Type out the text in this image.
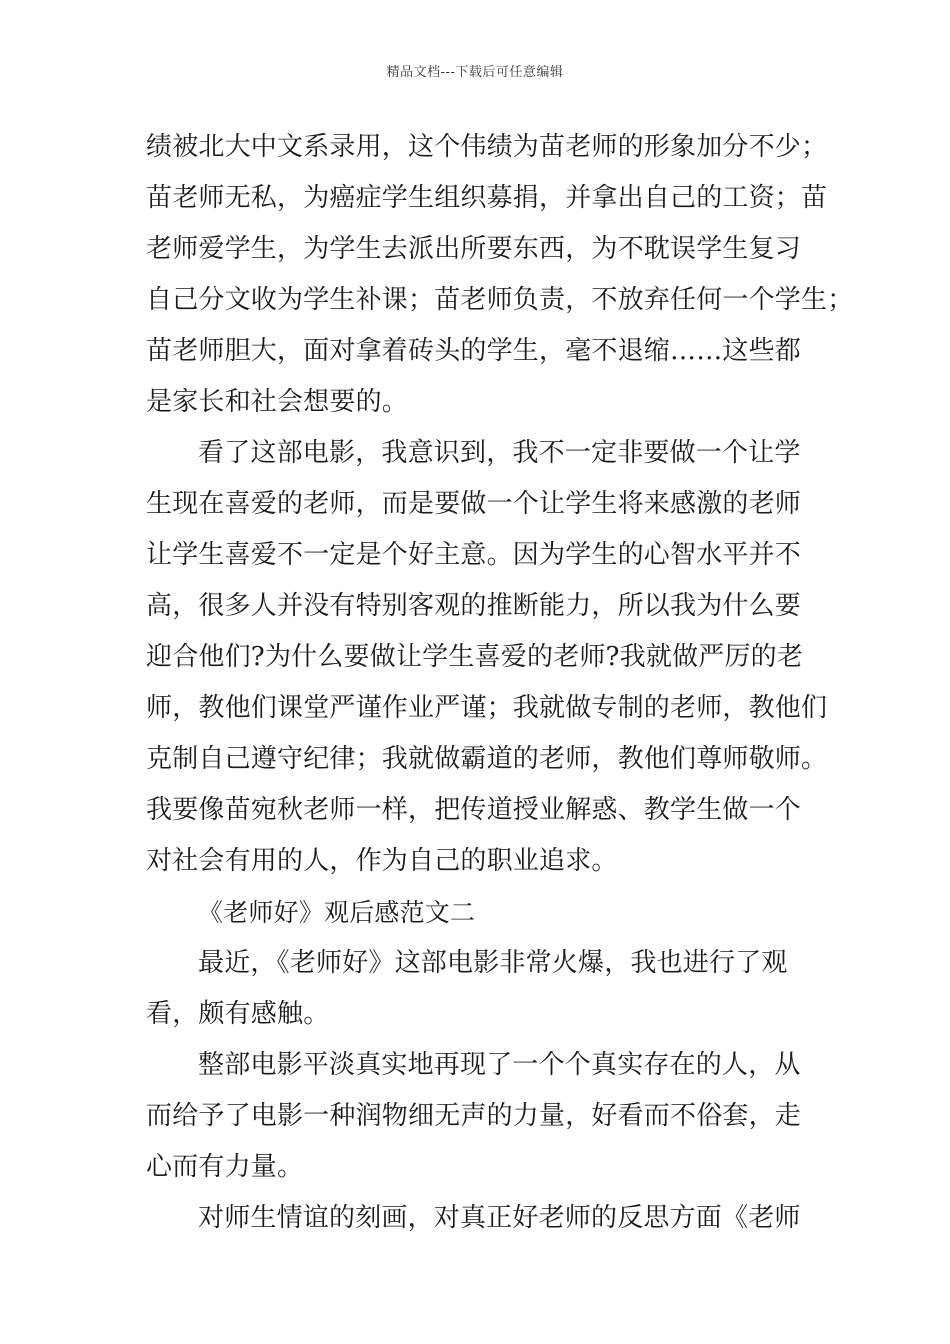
精品文档---下载后可任意编辑
绩被北大中文系录用，这个伟绩为苗老师的形象加分不少；
苗老师无私，为癌症学生组织募捐，并拿出自己的工资；苗
老师爱学生，为学生去派出所要东西，为不耽误学生复习
自己分文收为学生补课；苗老师负责，不放弃任何一个学生；
苗老师胆大，面对拿着砖头的学生，毫不退缩……这些都
是家长和社会想要的。
看了这部电影，我意识到，我不一定非要做一个让学
生现在喜爱的老师，而是要做一个让学生将来感激的老师
让学生喜爱不一定是个好主意。因为学生的心智水平并不
高，很多人并没有特别客观的推断能力，所以我为什么要
迎合他们?为什么要做让学生喜爱的老师?我就做严厉的老
师，教他们课堂严谨作业严谨；我就做专制的老师，教他们
克制自己遵守纪律；我就做霸道的老师，教他们尊师敬师。
我要像苗宛秋老师一样，把传道授业解惑、教学生做一个
对社会有用的人，作为自己的职业追求。
《老师好》观后感范文二
最近，《老师好》这部电影非常火爆，我也进行了观
看，颇有感触。
整部电影平淡真实地再现了一个个真实存在的人，从
而给予了电影一种润物细无声的力量，好看而不俗套，走
心而有力量。
对师生情谊的刻画，对真正好老师的反思方面《老师
